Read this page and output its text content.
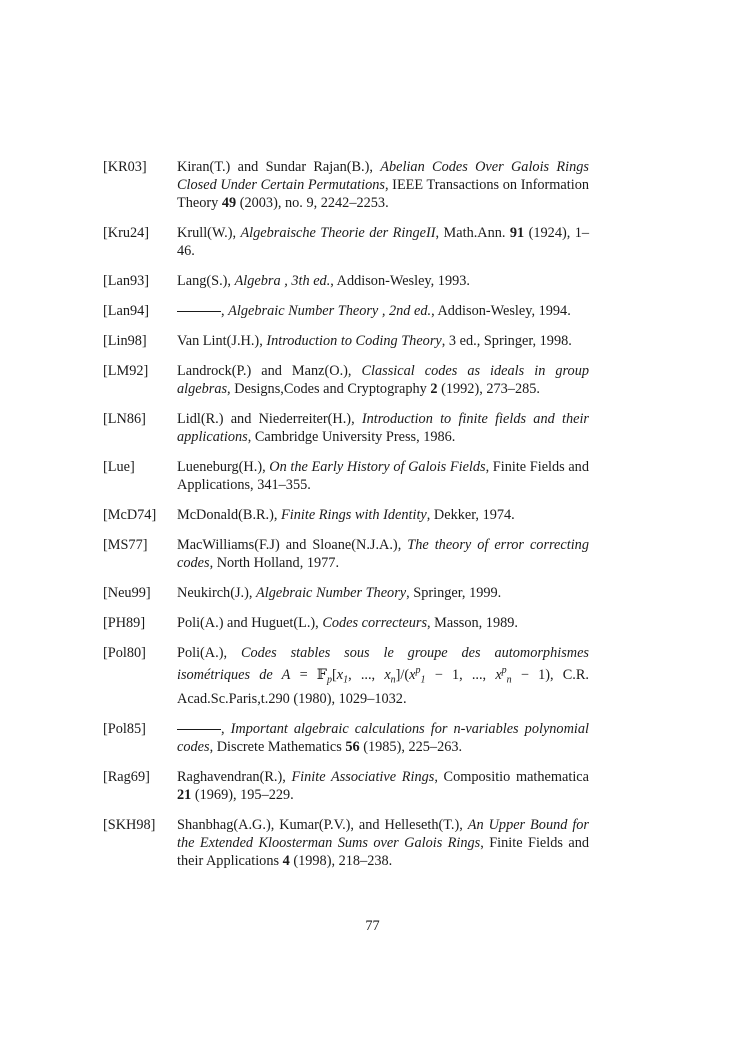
[KR03]	Kiran(T.) and Sundar Rajan(B.), Abelian Codes Over Galois Rings Closed Under Certain Permutations, IEEE Transactions on Information Theory 49 (2003), no. 9, 2242–2253.
[Kru24]	Krull(W.), Algebraische Theorie der RingeII, Math.Ann. 91 (1924), 1–46.
[Lan93]	Lang(S.), Algebra , 3th ed., Addison-Wesley, 1993.
[Lan94]	, Algebraic Number Theory , 2nd ed., Addison-Wesley, 1994.
[Lin98]	Van Lint(J.H.), Introduction to Coding Theory, 3 ed., Springer, 1998.
[LM92]	Landrock(P.) and Manz(O.), Classical codes as ideals in group algebras, Designs,Codes and Cryptography 2 (1992), 273–285.
[LN86]	Lidl(R.) and Niederreiter(H.), Introduction to finite fields and their applications, Cambridge University Press, 1986.
[Lue]	Lueneburg(H.), On the Early History of Galois Fields, Finite Fields and Applications, 341–355.
[McD74]	McDonald(B.R.), Finite Rings with Identity, Dekker, 1974.
[MS77]	MacWilliams(F.J) and Sloane(N.J.A.), The theory of error correcting codes, North Holland, 1977.
[Neu99]	Neukirch(J.), Algebraic Number Theory, Springer, 1999.
[PH89]	Poli(A.) and Huguet(L.), Codes correcteurs, Masson, 1989.
[Pol80]	Poli(A.), Codes stables sous le groupe des automorphismes isométriques de $A = 𝔽_p[x_1$, ..., $x_n]/(x^p_1 - 1$, ..., $x^p_n - 1$), C.R. Acad.Sc.Paris,t.290 (1980), 1029–1032.
[Pol85]	, Important algebraic calculations for n-variables polynomial codes, Discrete Mathematics 56 (1985), 225–263.
[Rag69]	Raghavendran(R.), Finite Associative Rings, Compositio mathematica 21 (1969), 195–229.
[SKH98]	Shanbhag(A.G.), Kumar(P.V.), and Helleseth(T.), An Upper Bound for the Extended Kloosterman Sums over Galois Rings, Finite Fields and their Applications 4 (1998), 218–238.
77
